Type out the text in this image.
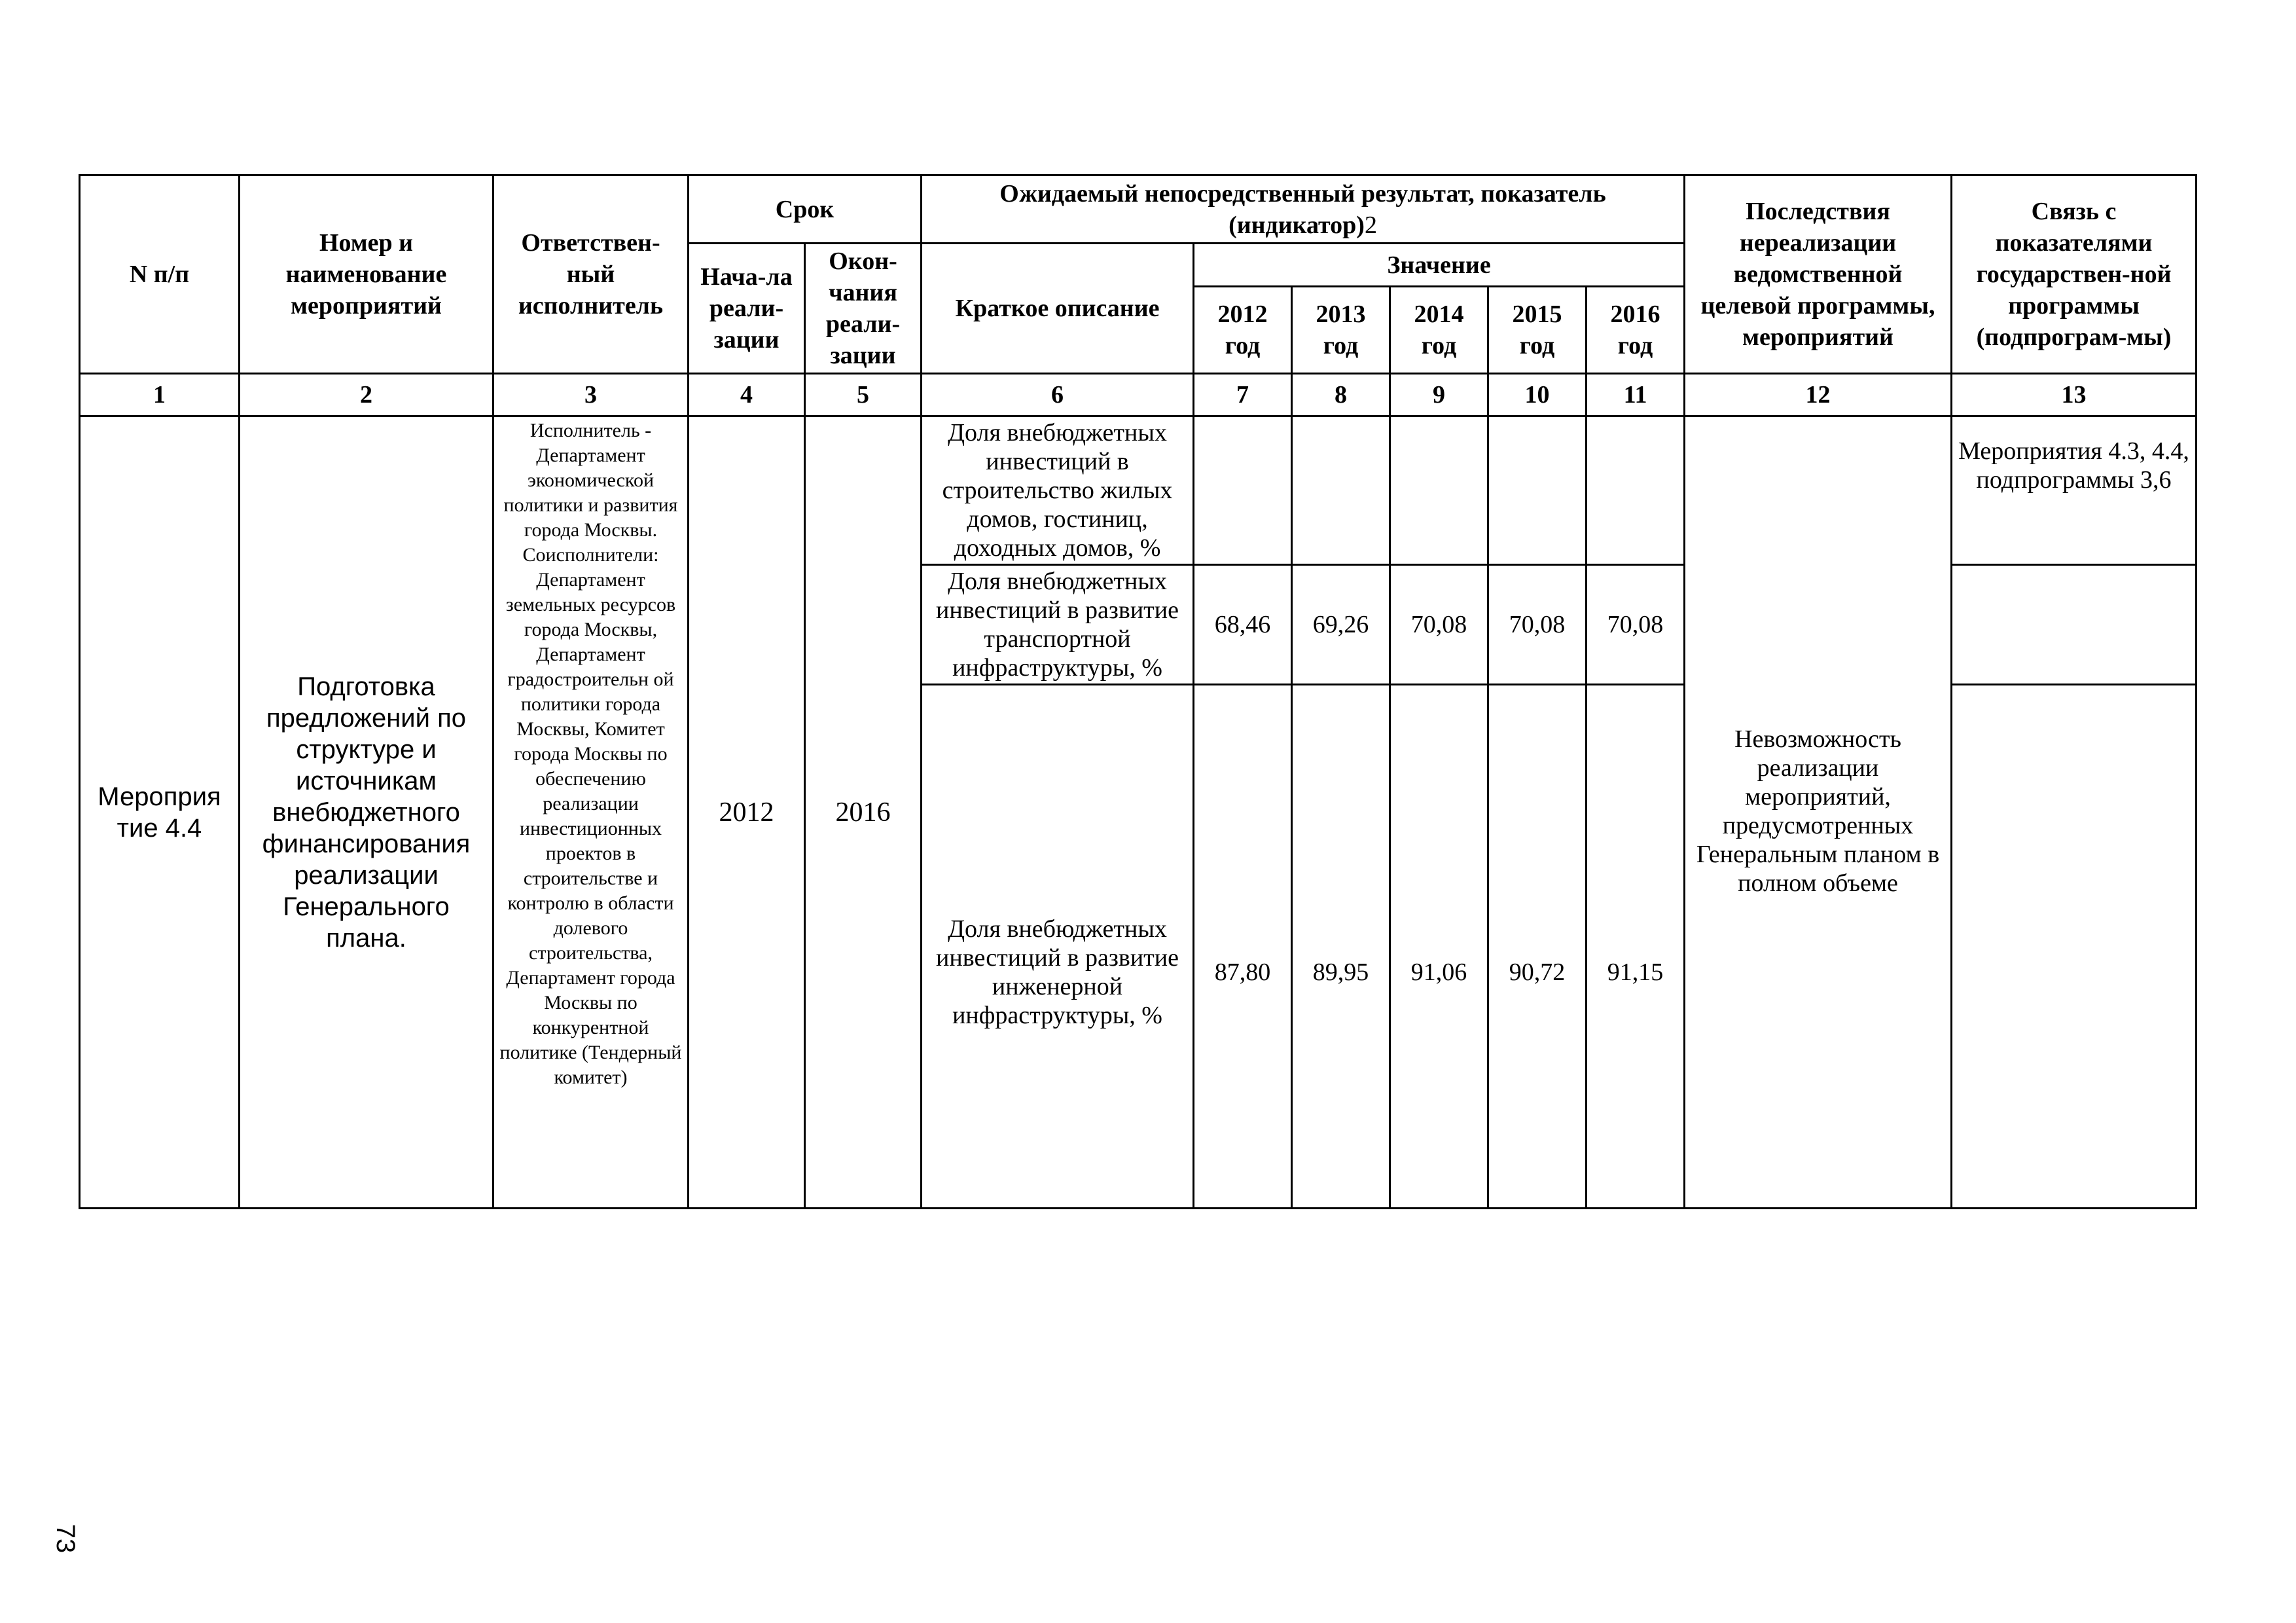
N п/п	Номер и наименование мероприятий	Ответствен-ный исполнитель	Срок		Ожидаемый непосредственный результат, показатель (индикатор)2						Последствия нереализации ведомственной целевой программы, мероприятий	Связь с показателями государствен-ной программы (подпрограм-мы)
			Нача-ла реали-зации	Окон-чания реали-зации	Краткое описание	Значение						
						2012 год	2013 год	2014 год	2015 год	2016 год		
1	2	3	4	5	6	7	8	9	10	11	12	13
Мероприя тие 4.4	Подготовка предложений по структуре и источникам внебюджетного финансирования реализации Генерального плана.	Исполнитель - Департамент экономической политики и развития города Москвы. Соисполнители: Департамент земельных ресурсов города Москвы, Департамент градостроительн ой политики города Москвы, Комитет города Москвы по обеспечению реализации инвестиционных проектов в строительстве и контролю в области долевого строительства, Департамент города Москвы по конкурентной политике (Тендерный комитет)	2012	2016	Доля внебюджетных инвестиций в строительство жилых домов, гостиниц, доходных домов, %						Невозможность реализации мероприятий, предусмотренных Генеральным планом в полном объеме	Мероприятия 4.3, 4.4, подпрограммы 3,6
					Доля внебюджетных инвестиций в развитие транспортной инфраструктуры, %	68,46	69,26	70,08	70,08	70,08		
					Доля внебюджетных инвестиций в развитие инженерной инфраструктуры, %	87,80	89,95	91,06	90,72	91,15		
73
